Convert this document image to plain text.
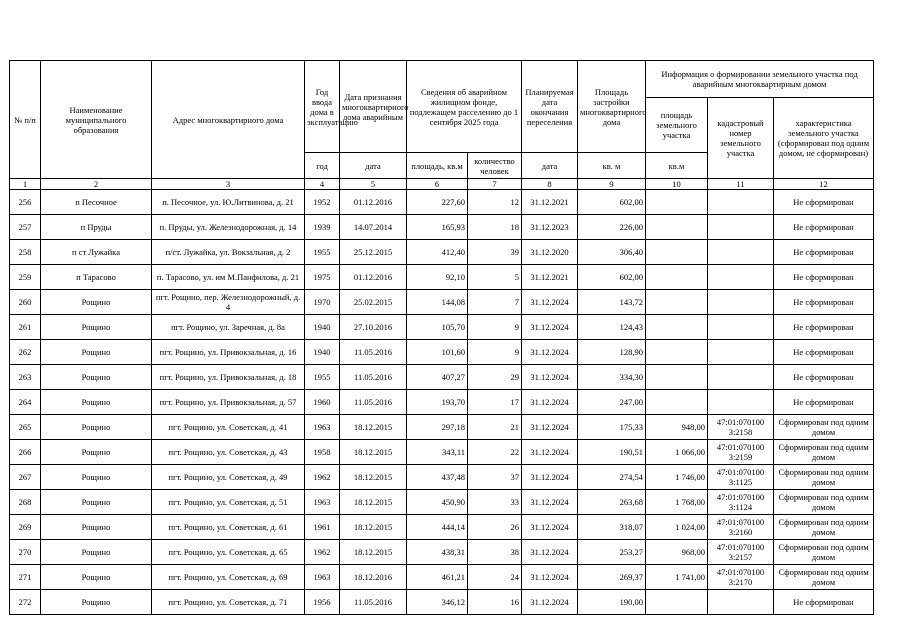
№ п/п	Наименование муниципального образования	Адрес многоквартирного дома	Год ввода дома в эксплуатацию	Дата признания многоквартирного дома аварийным	Сведения об аварийном жилищном фонде, подлежащем расселению до 1 сентября 2025 года		Планируемая дата окончания переселения	Площадь застройки многоквартирного дома	Информация о формировании земельного участка под аварийным многоквартирным домом		
									площадь земельного участка	кадастровый номер земельного участка	характеристика земельного участка (сформирован под одним домом, не сформирован)
			год	дата	площадь, кв.м	количество человек	дата	кв. м	кв.м		
1	2	3	4	5	6	7	8	9	10	11	12
256	п Песочное	п. Песочное, ул. Ю.Литвинова, д. 21	1952	01.12.2016	227,60	12	31.12.2021	602,00			Не сформирован
257	п Пруды	п. Пруды, ул. Железнодорожная, д. 14	1939	14.07.2014	165,93	18	31.12.2023	226,00			Не сформирован
258	п ст Лужайка	п/ст. Лужайка, ул. Вокзальная, д. 2	1955	25.12.2015	412,40	39	31.12.2020	306,40			Не сформирован
259	п Тарасово	п. Тарасово, ул. им М.Панфилова, д. 21	1975	01.12.2016	92,10	5	31.12.2021	602,00			Не сформирован
260	Рощино	пгт. Рощино, пер. Железнодорожный, д. 4	1970	25.02.2015	144,08	7	31.12.2024	143,72			Не сформирован
261	Рощино	пгт. Рощино, ул. Заречная, д. 8а	1940	27.10.2016	105,70	9	31.12.2024	124,43			Не сформирован
262	Рощино	пгт. Рощино, ул. Привокзальная, д. 16	1940	11.05.2016	101,60	9	31.12.2024	128,90			Не сформирован
263	Рощино	пгт. Рощино, ул. Привокзальная, д. 18	1955	11.05.2016	407,27	29	31.12.2024	334,30			Не сформирован
264	Рощино	пгт. Рощино, ул. Привокзальная, д. 57	1960	11.05.2016	193,70	17	31.12.2024	247,00			Не сформирован
265	Рощино	пгт. Рощино, ул. Советская, д. 41	1963	18.12.2015	297,18	21	31.12.2024	175,33	948,00	47:01:070100 3:2158	Сформирован под одним домом
266	Рощино	пгт. Рощино, ул. Советская, д. 43	1958	18.12.2015	343,11	22	31.12.2024	190,51	1 066,00	47:01:070100 3:2159	Сформирован под одним домом
267	Рощино	пгт. Рощино, ул. Советская, д. 49	1962	18.12.2015	437,48	37	31.12.2024	274,54	1 746,00	47:01:070100 3:1125	Сформирован под одним домом
268	Рощино	пгт. Рощино, ул. Советская, д. 51	1963	18.12.2015	450,90	33	31.12.2024	263,68	1 768,00	47:01:070100 3:1124	Сформирован под одним домом
269	Рощино	пгт. Рощино, ул. Советская, д. 61	1961	18.12.2015	444,14	26	31.12.2024	318,07	1 024,00	47:01:070100 3:2160	Сформирован под одним домом
270	Рощино	пгт. Рощино, ул. Советская, д. 65	1962	18.12.2015	438,31	38	31.12.2024	253,27	968,00	47:01:070100 3:2157	Сформирован под одним домом
271	Рощино	пгт. Рощино, ул. Советская, д. 69	1963	18.12.2016	461,21	24	31.12.2024	269,37	1 741,00	47:01:070100 3:2170	Сформирован под одним домом
272	Рощино	пгт. Рощино, ул. Советская, д. 71	1956	11.05.2016	346,12	16	31.12.2024	190,00			Не сформирован
